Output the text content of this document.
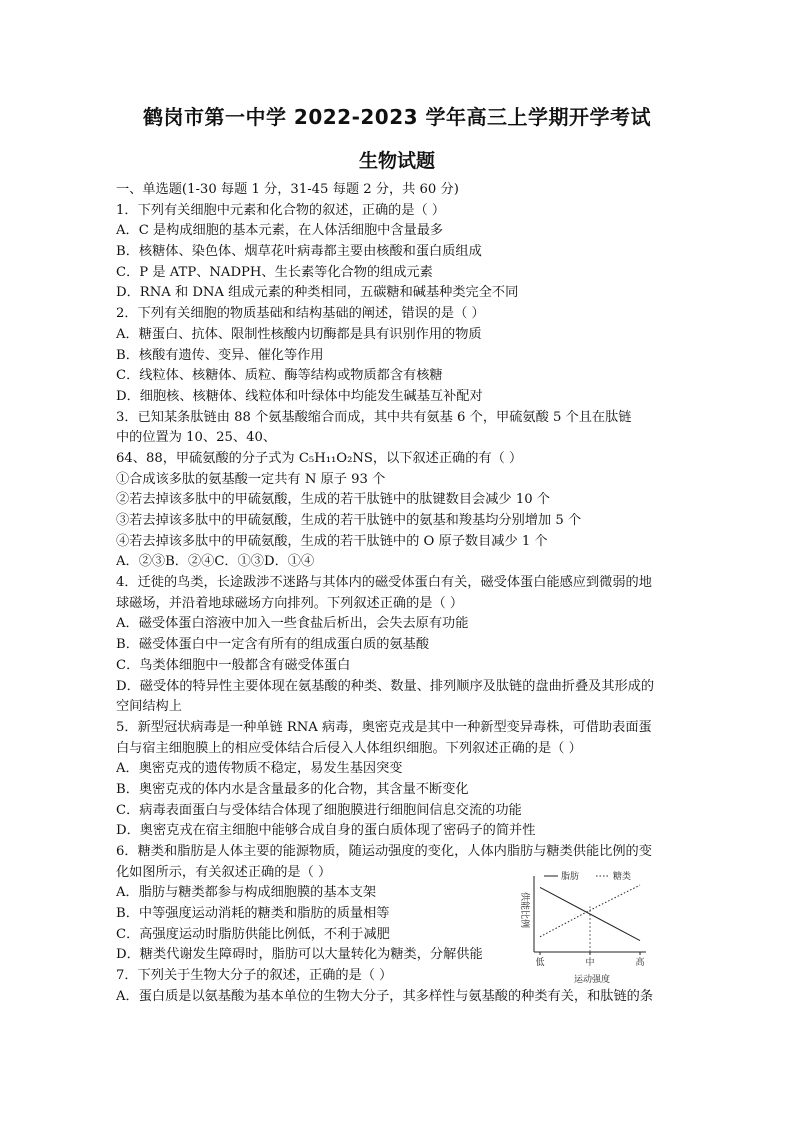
鹤岗市第一中学 2022-2023 学年高三上学期开学考试
生物试题
一、单选题(1-30 每题 1 分，31-45 每题 2 分，共 60 分)
1．下列有关细胞中元素和化合物的叙述，正确的是（ ）
A．C 是构成细胞的基本元素，在人体活细胞中含量最多
B．核糖体、染色体、烟草花叶病毒都主要由核酸和蛋白质组成
C．P 是 ATP、NADPH、生长素等化合物的组成元素
D．RNA 和 DNA 组成元素的种类相同，五碳糖和碱基种类完全不同
2．下列有关细胞的物质基础和结构基础的阐述，错误的是（ ）
A．糖蛋白、抗体、限制性核酸内切酶都是具有识别作用的物质
B．核酸有遗传、变异、催化等作用
C．线粒体、核糖体、质粒、酶等结构或物质都含有核糖
D．细胞核、核糖体、线粒体和叶绿体中均能发生碱基互补配对
3．已知某条肽链由 88 个氨基酸缩合而成，其中共有氨基 6 个，甲硫氨酸 5 个且在肽链
中的位置为 10、25、40、
64、88，甲硫氨酸的分子式为 C₅H₁₁O₂NS，以下叙述正确的有（ ）
①合成该多肽的氨基酸一定共有 N 原子 93 个
②若去掉该多肽中的甲硫氨酸，生成的若干肽链中的肽键数目会减少 10 个
③若去掉该多肽中的甲硫氨酸，生成的若干肽链中的氨基和羧基均分别增加 5 个
④若去掉该多肽中的甲硫氨酸，生成的若干肽链中的 O 原子数目减少 1 个
A．②③B．②④C．①③D．①④
4．迁徙的鸟类，长途跋涉不迷路与其体内的磁受体蛋白有关，磁受体蛋白能感应到微弱的地
球磁场，并沿着地球磁场方向排列。下列叙述正确的是（ ）
A．磁受体蛋白溶液中加入一些食盐后析出，会失去原有功能
B．磁受体蛋白中一定含有所有的组成蛋白质的氨基酸
C．鸟类体细胞中一般都含有磁受体蛋白
D．磁受体的特异性主要体现在氨基酸的种类、数量、排列顺序及肽链的盘曲折叠及其形成的
空间结构上
5．新型冠状病毒是一种单链 RNA 病毒，奥密克戎是其中一种新型变异毒株，可借助表面蛋
白与宿主细胞膜上的相应受体结合后侵入人体组织细胞。下列叙述正确的是（ ）
A．奥密克戎的遗传物质不稳定，易发生基因突变
B．奥密克戎的体内水是含量最多的化合物，其含量不断变化
C．病毒表面蛋白与受体结合体现了细胞膜进行细胞间信息交流的功能
D．奥密克戎在宿主细胞中能够合成自身的蛋白质体现了密码子的简并性
6．糖类和脂肪是人体主要的能源物质，随运动强度的变化，人体内脂肪与糖类供能比例的变
化如图所示，有关叙述正确的是（ ）
A．脂肪与糖类都参与构成细胞膜的基本支架
B．中等强度运动消耗的糖类和脂肪的质量相等
C．高强度运动时脂肪供能比例低，不利于减肥
D．糖类代谢发生障碍时，脂肪可以大量转化为糖类，分解供能
7．下列关于生物大分子的叙述，正确的是（ ）
A．蛋白质是以氨基酸为基本单位的生物大分子，其多样性与氨基酸的种类有关，和肽链的条
供能比例
运动强度
低	中	高
脂肪	糖类
